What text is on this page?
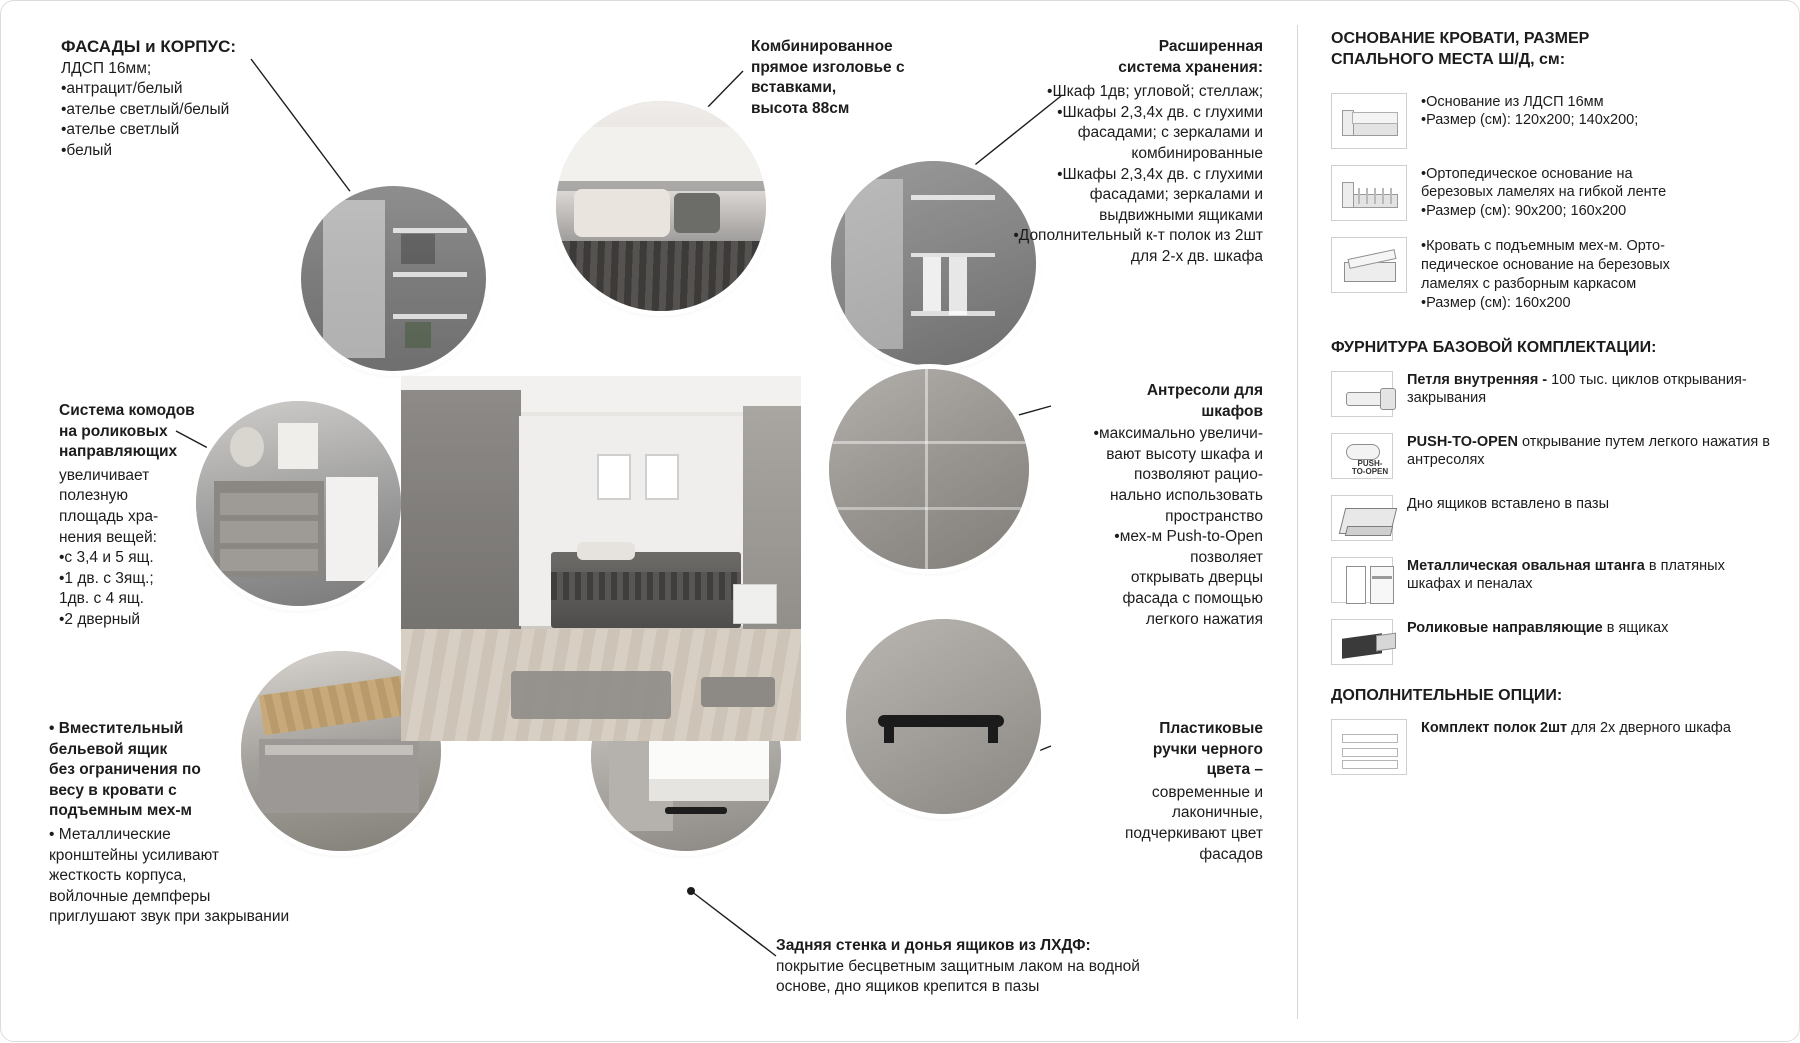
ФАСАДЫ и КОРПУС:
ЛДСП 16мм;
•антрацит/белый
•ателье светлый/белый
•ателье светлый
•белый
Комбинированное
прямое изголовье с
вставками,
высота 88см
Расширенная
система хранения:
•Шкаф 1дв; угловой; стеллаж;
•Шкафы 2,3,4х дв. с глухими фасадами; с зеркалами и комбинированные
•Шкафы 2,3,4х дв. с глухими фасадами; зеркалами и выдвижными ящиками
•Дополнительный к-т полок из 2шт для 2-х дв. шкафа
Система комодов
на роликовых
направляющих
увеличивает
полезную
площадь хра-
нения вещей:
•с 3,4 и 5 ящ.
•1 дв. с 3ящ.;
1дв. с 4 ящ.
•2 дверный
Антресоли для
шкафов
•максимально увеличи-
вают высоту шкафа и
позволяют рацио-
нально использовать
пространство
•мех-м Push-to-Open
позволяет
открывать дверцы
фасада с помощью
легкого нажатия
• Вместительный
бельевой ящик
без ограничения по
весу в кровати с
подъемным мех-м
• Металлические
кронштейны усиливают
жесткость корпуса,
войлочные демпферы
приглушают звук при закрывании
Пластиковые
ручки черного
цвета –
современные и
лаконичные,
подчеркивают цвет
фасадов
Задняя стенка и донья ящиков из ЛХДФ:
покрытие бесцветным защитным лаком на водной
основе, дно ящиков крепится в пазы
ОСНОВАНИЕ КРОВАТИ, РАЗМЕР
СПАЛЬНОГО МЕСТА Ш/Д, см:
•Основание из ЛДСП 16мм
•Размер (см): 120х200; 140х200;
•Ортопедическое основание на
березовых ламелях на гибкой ленте
•Размер (см): 90х200; 160х200
•Кровать с подъемным мех-м. Орто-
педическое основание на березовых
ламелях с разборным каркасом
•Размер (см): 160х200
ФУРНИТУРА БАЗОВОЙ КОМПЛЕКТАЦИИ:
Петля внутренняя - 100 тыс. циклов открывания-закрывания
PUSH-
TO-OPEN
PUSH-TO-OPEN открывание путем легкого нажатия в антресолях
Дно ящиков вставлено в пазы
Металлическая овальная штанга в платяных шкафах и пеналах
Роликовые направляющие в ящиках
ДОПОЛНИТЕЛЬНЫЕ ОПЦИИ:
Комплект полок 2шт для 2х дверного шкафа
